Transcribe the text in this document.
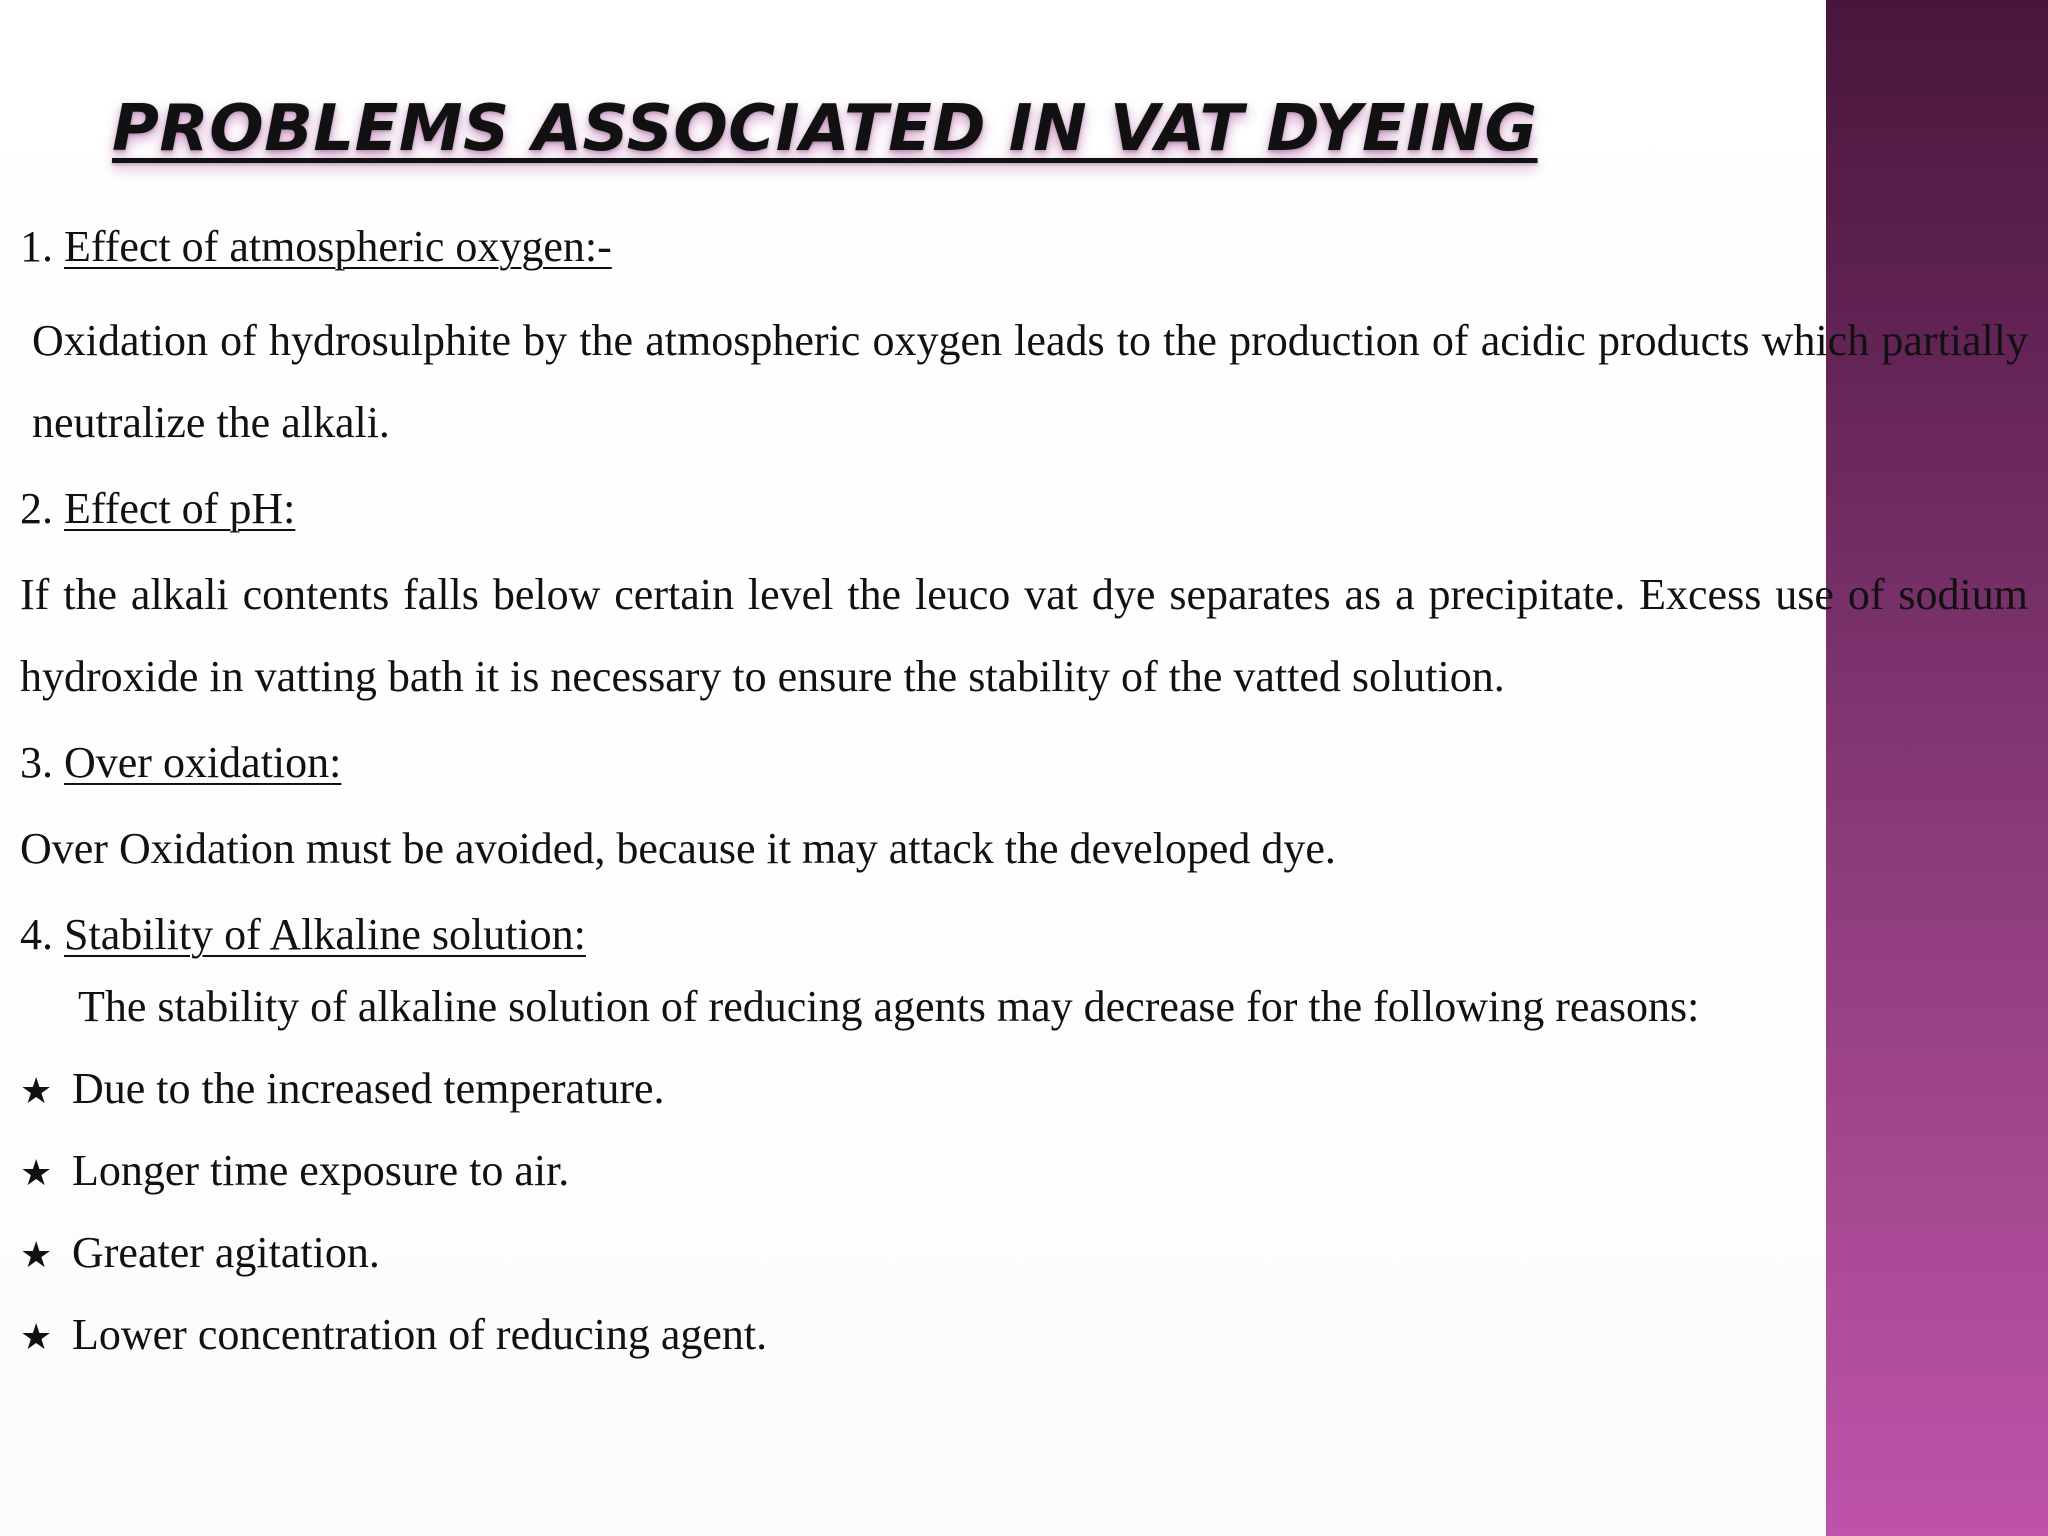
PROBLEMS ASSOCIATED IN VAT DYEING

1. Effect of atmospheric oxygen:-

Oxidation of hydrosulphite by the atmospheric oxygen leads to the production of acidic products which partially neutralize the alkali.

2. Effect of pH:

If the alkali contents falls below certain level the leuco vat dye separates as a precipitate. Excess use of sodium hydroxide in vatting bath it is necessary to ensure the stability of the vatted solution.

3. Over oxidation:

Over Oxidation must be avoided, because it may attack the developed dye.

4. Stability of Alkaline solution:

The stability of alkaline solution of reducing agents may decrease for the following reasons:

★ Due to the increased temperature.

★ Longer time exposure to air.

★ Greater agitation.

★ Lower concentration of reducing agent.
